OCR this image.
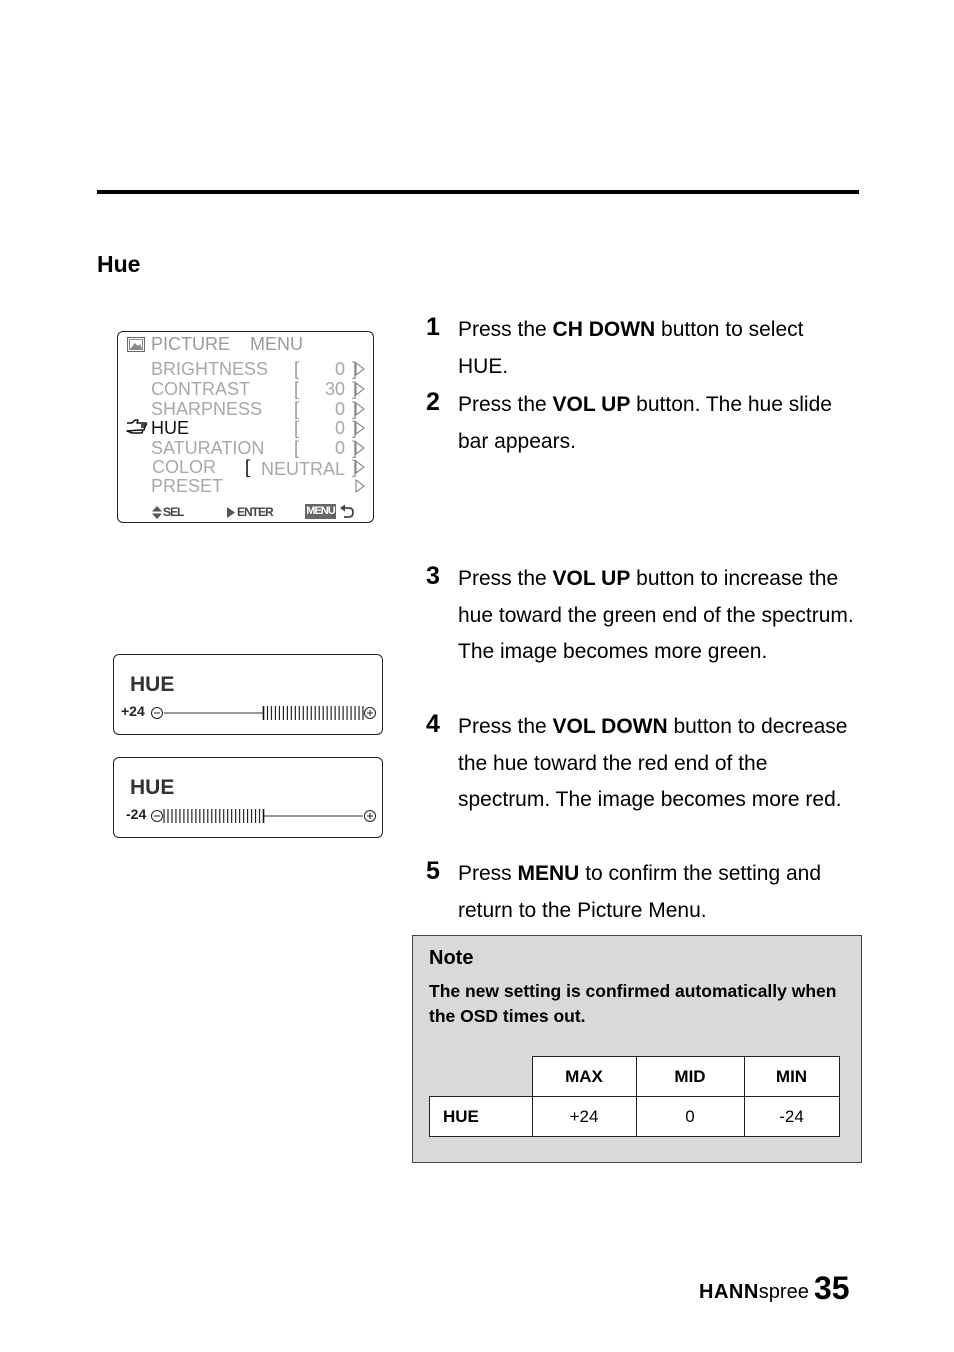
Hue
PICTURE    MENU
BRIGHTNESS [ 0 ]
CONTRAST [ 30 ]
SHARPNESS [ 0 ]
HUE	[ 0 ]
SATURATION [ 0 ]
COLOR [ NEUTRAL ]
PRESET
SEL	ENTER	MENU
HUE
+24
HUE
-24
1 Press the CH DOWN button to select HUE.
2 Press the VOL UP button. The hue slide bar appears.
3 Press the VOL UP button to increase the hue toward the green end of the spectrum. The image becomes more green.
4 Press the VOL DOWN button to decrease the hue toward the red end of the spectrum. The image becomes more red.
5 Press MENU to confirm the setting and return to the Picture Menu.
Note
The new setting is confirmed automatically when the OSD times out.
	MAX	MID	MIN
HUE	+24	0	-24
HANNspree 35
